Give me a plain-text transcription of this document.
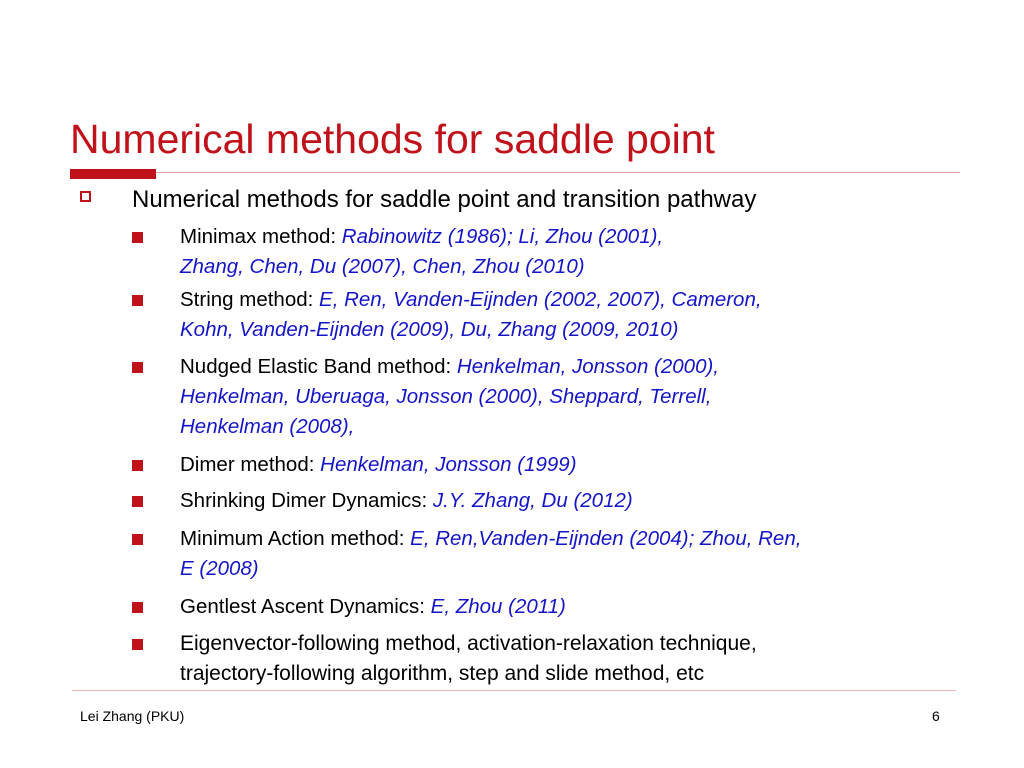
Numerical methods for saddle point
Numerical methods for saddle point and transition pathway
Minimax method: Rabinowitz (1986); Li, Zhou (2001),
Zhang, Chen, Du (2007), Chen, Zhou (2010)
String method: E, Ren, Vanden-Eijnden (2002, 2007), Cameron,
Kohn, Vanden-Eijnden (2009), Du, Zhang (2009, 2010)
Nudged Elastic Band method: Henkelman, Jonsson (2000),
Henkelman, Uberuaga, Jonsson (2000), Sheppard, Terrell,
Henkelman (2008),
Dimer method: Henkelman, Jonsson (1999)
Shrinking Dimer Dynamics: J.Y. Zhang, Du (2012)
Minimum Action method: E, Ren,Vanden-Eijnden (2004); Zhou, Ren,
E (2008)
Gentlest Ascent Dynamics: E, Zhou (2011)
Eigenvector-following method, activation-relaxation technique,
trajectory-following algorithm, step and slide method, etc
Lei Zhang (PKU)	6
